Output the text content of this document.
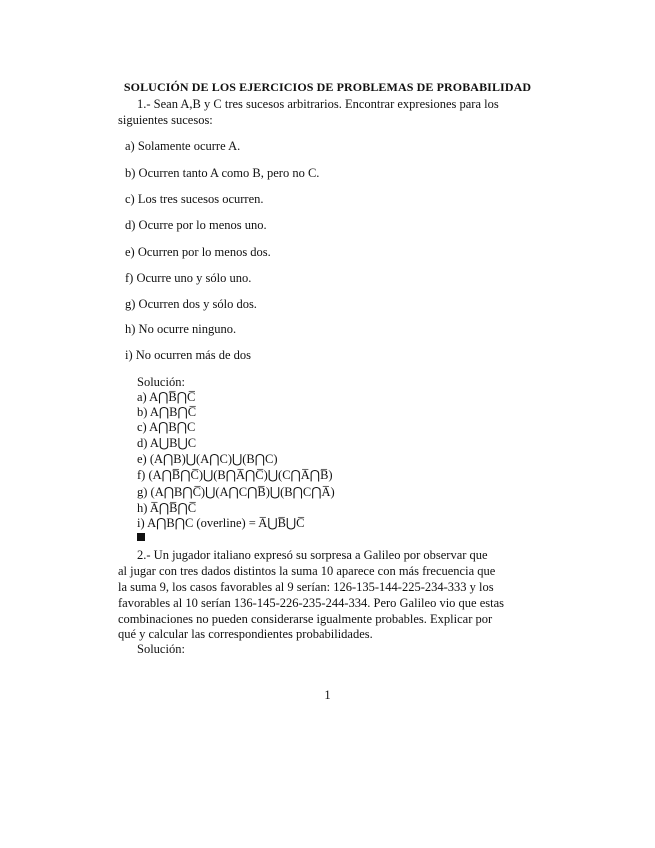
SOLUCIÓN DE LOS EJERCICIOS DE PROBLEMAS DE PROBABILIDAD
1.- Sean A,B y C tres sucesos arbitrarios. Encontrar expresiones para los
siguientes sucesos:
a) Solamente ocurre A.
b) Ocurren tanto A como B, pero no C.
c) Los tres sucesos ocurren.
d) Ocurre por lo menos uno.
e) Ocurren por lo menos dos.
f) Ocurre uno y sólo uno.
g) Ocurren dos y sólo dos.
h) No ocurre ninguno.
i) No ocurren más de dos
Solución:
a) A⋂B̅⋂C̅
b) A⋂B⋂C̅
c) A⋂B⋂C
d) A⋃B⋃C
e) (A⋂B)⋃(A⋂C)⋃(B⋂C)
f) (A⋂B̅⋂C̅)⋃(B⋂A̅⋂C̅)⋃(C⋂A̅⋂B̅)
g) (A⋂B⋂C̅)⋃(A⋂C⋂B̅)⋃(B⋂C⋂A̅)
h) A̅⋂B̅⋂C̅
i) A⋂B⋂C (overline) = A̅⋃B̅⋃C̅
2.- Un jugador italiano expresó su sorpresa a Galileo por observar que
al jugar con tres dados distintos la suma 10 aparece con más frecuencia que
la suma 9, los casos favorables al 9 serían: 126-135-144-225-234-333 y los
favorables al 10 serían 136-145-226-235-244-334. Pero Galileo vio que estas
combinaciones no pueden considerarse igualmente probables. Explicar por
qué y calcular las correspondientes probabilidades.
Solución:
1
